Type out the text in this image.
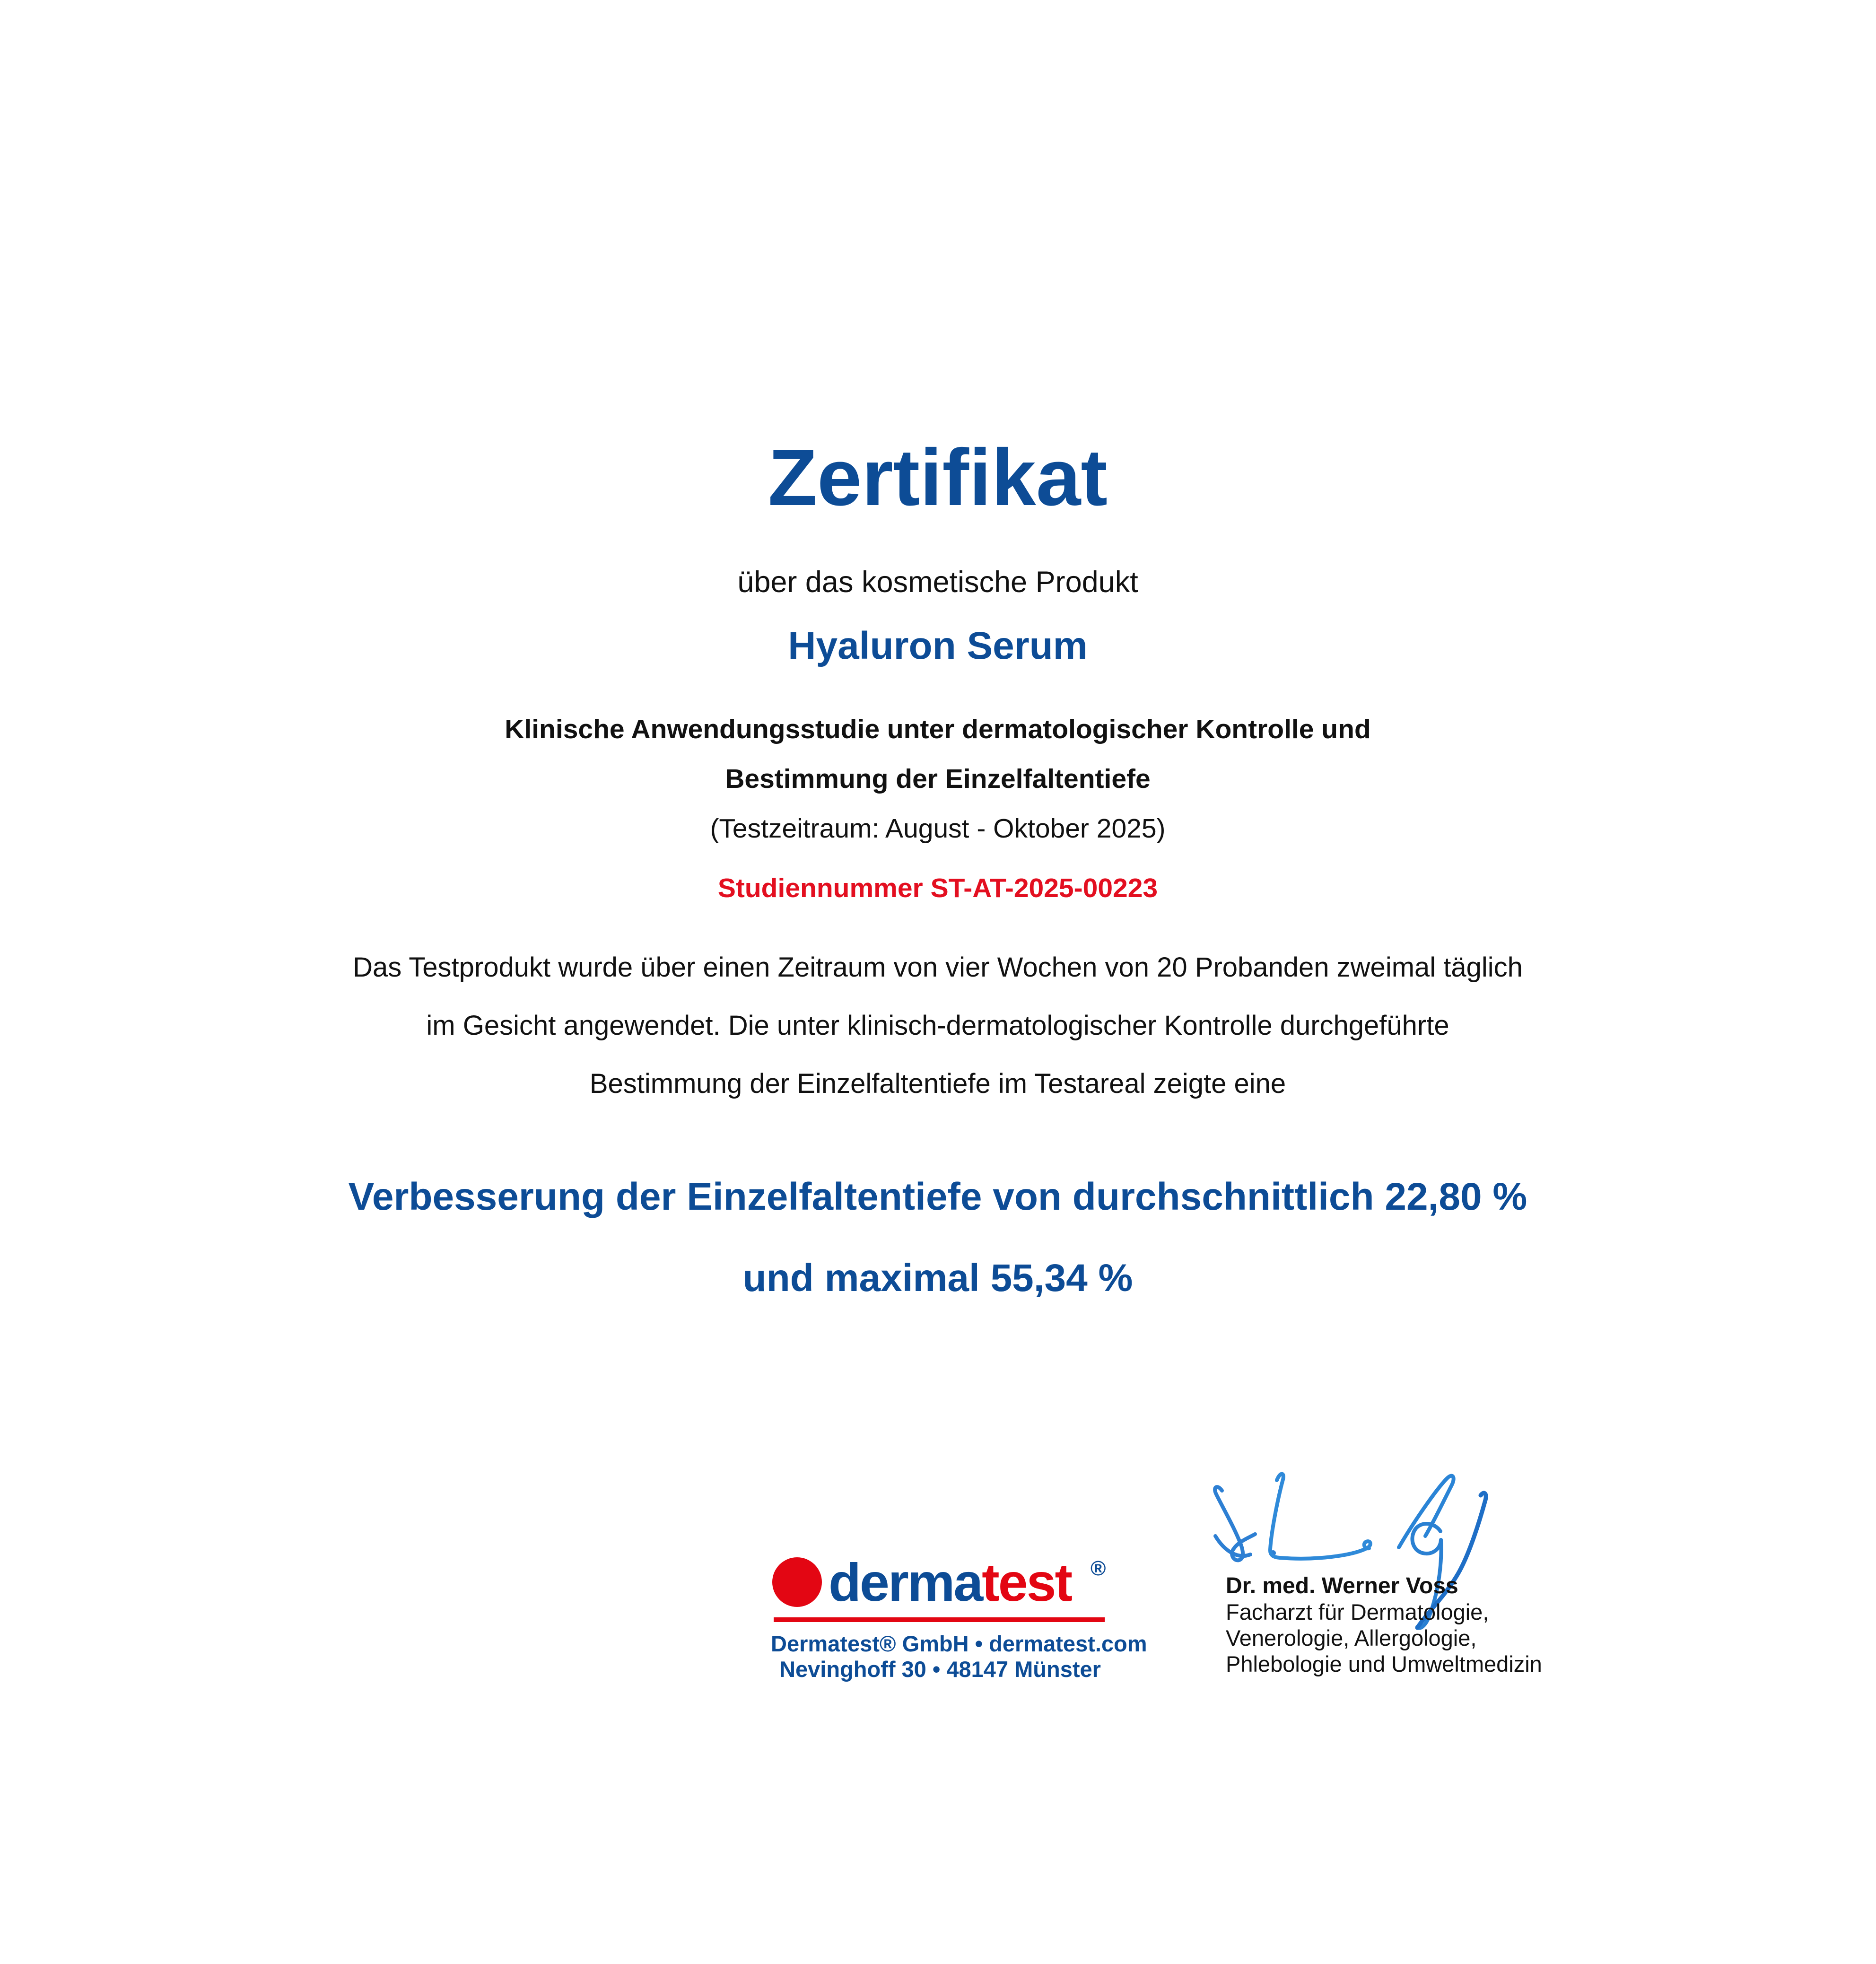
Zertifikat

über das kosmetische Produkt

Hyaluron Serum

Klinische Anwendungsstudie unter dermatologischer Kontrolle und
Bestimmung der Einzelfaltentiefe

(Testzeitraum: August - Oktober 2025)

Studiennummer ST-AT-2025-00223

Das Testprodukt wurde über einen Zeitraum von vier Wochen von 20 Probanden zweimal täglich
im Gesicht angewendet. Die unter klinisch-dermatologischer Kontrolle durchgeführte
Bestimmung der Einzelfaltentiefe im Testareal zeigte eine

Verbesserung der Einzelfaltentiefe von durchschnittlich 22,80 %
und maximal 55,34 %

dermatest ®
Dermatest® GmbH • dermatest.com
Nevinghoff 30 • 48147 Münster
Dr. med. Werner Voss
Facharzt für Dermatologie,
Venerologie, Allergologie,
Phlebologie und Umweltmedizin
